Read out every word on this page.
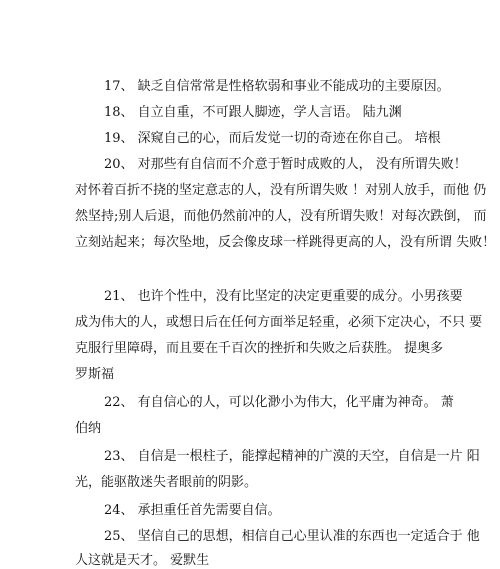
17、 缺乏自信常常是性格软弱和事业不能成功的主要原因。
18、 自立自重，不可跟人脚迹，学人言语。 陆九渊
19、 深窥自己的心，而后发觉一切的奇迹在你自己。 培根
20、 对那些有自信而不介意于暂时成败的人， 没有所谓失败！
对怀着百折不挠的坚定意志的人，没有所谓失败 ！对别人放手，而他 仍
然坚持;别人后退，而他仍然前冲的人，没有所谓失败！对每次跌倒， 而
立刻站起来；每次坠地，反会像皮球一样跳得更高的人，没有所谓 失败！
21、 也许个性中，没有比坚定的决定更重要的成分。小男孩要
成为伟大的人，或想日后在任何方面举足轻重，必须下定决心，不只 要
克服行里障碍，而且要在千百次的挫折和失败之后获胜。 提奥多
罗斯福
22、 有自信心的人，可以化渺小为伟大，化平庸为神奇。 萧
伯纳
23、 自信是一根柱子，能撑起精神的广漠的天空，自信是一片 阳
光，能驱散迷失者眼前的阴影。
24、 承担重任首先需要自信。
25、 坚信自己的思想，相信自己心里认准的东西也一定适合于 他
人这就是天才。 爱默生
